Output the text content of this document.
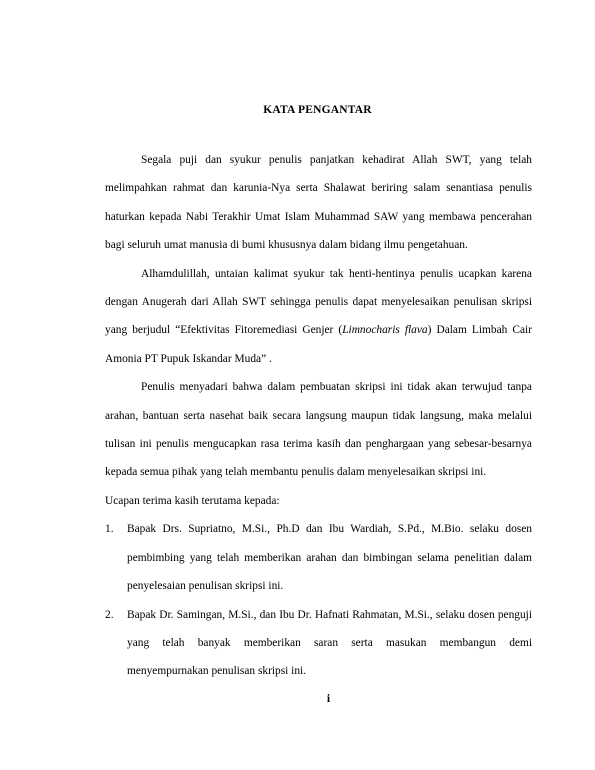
KATA PENGANTAR

Segala puji dan syukur penulis panjatkan kehadirat Allah SWT, yang telah melimpahkan rahmat dan karunia-Nya serta Shalawat beriring salam senantiasa penulis haturkan kepada Nabi Terakhir Umat Islam Muhammad SAW yang membawa pencerahan bagi seluruh umat manusia di bumi khususnya dalam bidang ilmu pengetahuan.

Alhamdulillah, untaian kalimat syukur tak henti-hentinya penulis ucapkan karena dengan Anugerah dari Allah SWT sehingga penulis dapat menyelesaikan penulisan skripsi yang berjudul “Efektivitas Fitoremediasi Genjer (Limnocharis flava) Dalam Limbah Cair Amonia PT Pupuk Iskandar Muda” .

Penulis menyadari bahwa dalam pembuatan skripsi ini tidak akan terwujud tanpa arahan, bantuan serta nasehat baik secara langsung maupun tidak langsung, maka melalui tulisan ini penulis mengucapkan rasa terima kasih dan penghargaan yang sebesar-besarnya kepada semua pihak yang telah membantu penulis dalam menyelesaikan skripsi ini.

Ucapan terima kasih terutama kepada:

1. Bapak Drs. Supriatno, M.Si., Ph.D dan Ibu Wardiah, S.Pd., M.Bio. selaku dosen pembimbing yang telah memberikan arahan dan bimbingan selama penelitian dalam penyelesaian penulisan skripsi ini.
2. Bapak Dr. Samingan, M.Si., dan Ibu Dr. Hafnati Rahmatan, M.Si., selaku dosen penguji yang telah banyak memberikan saran serta masukan membangun demi menyempurnakan penulisan skripsi ini.
i
